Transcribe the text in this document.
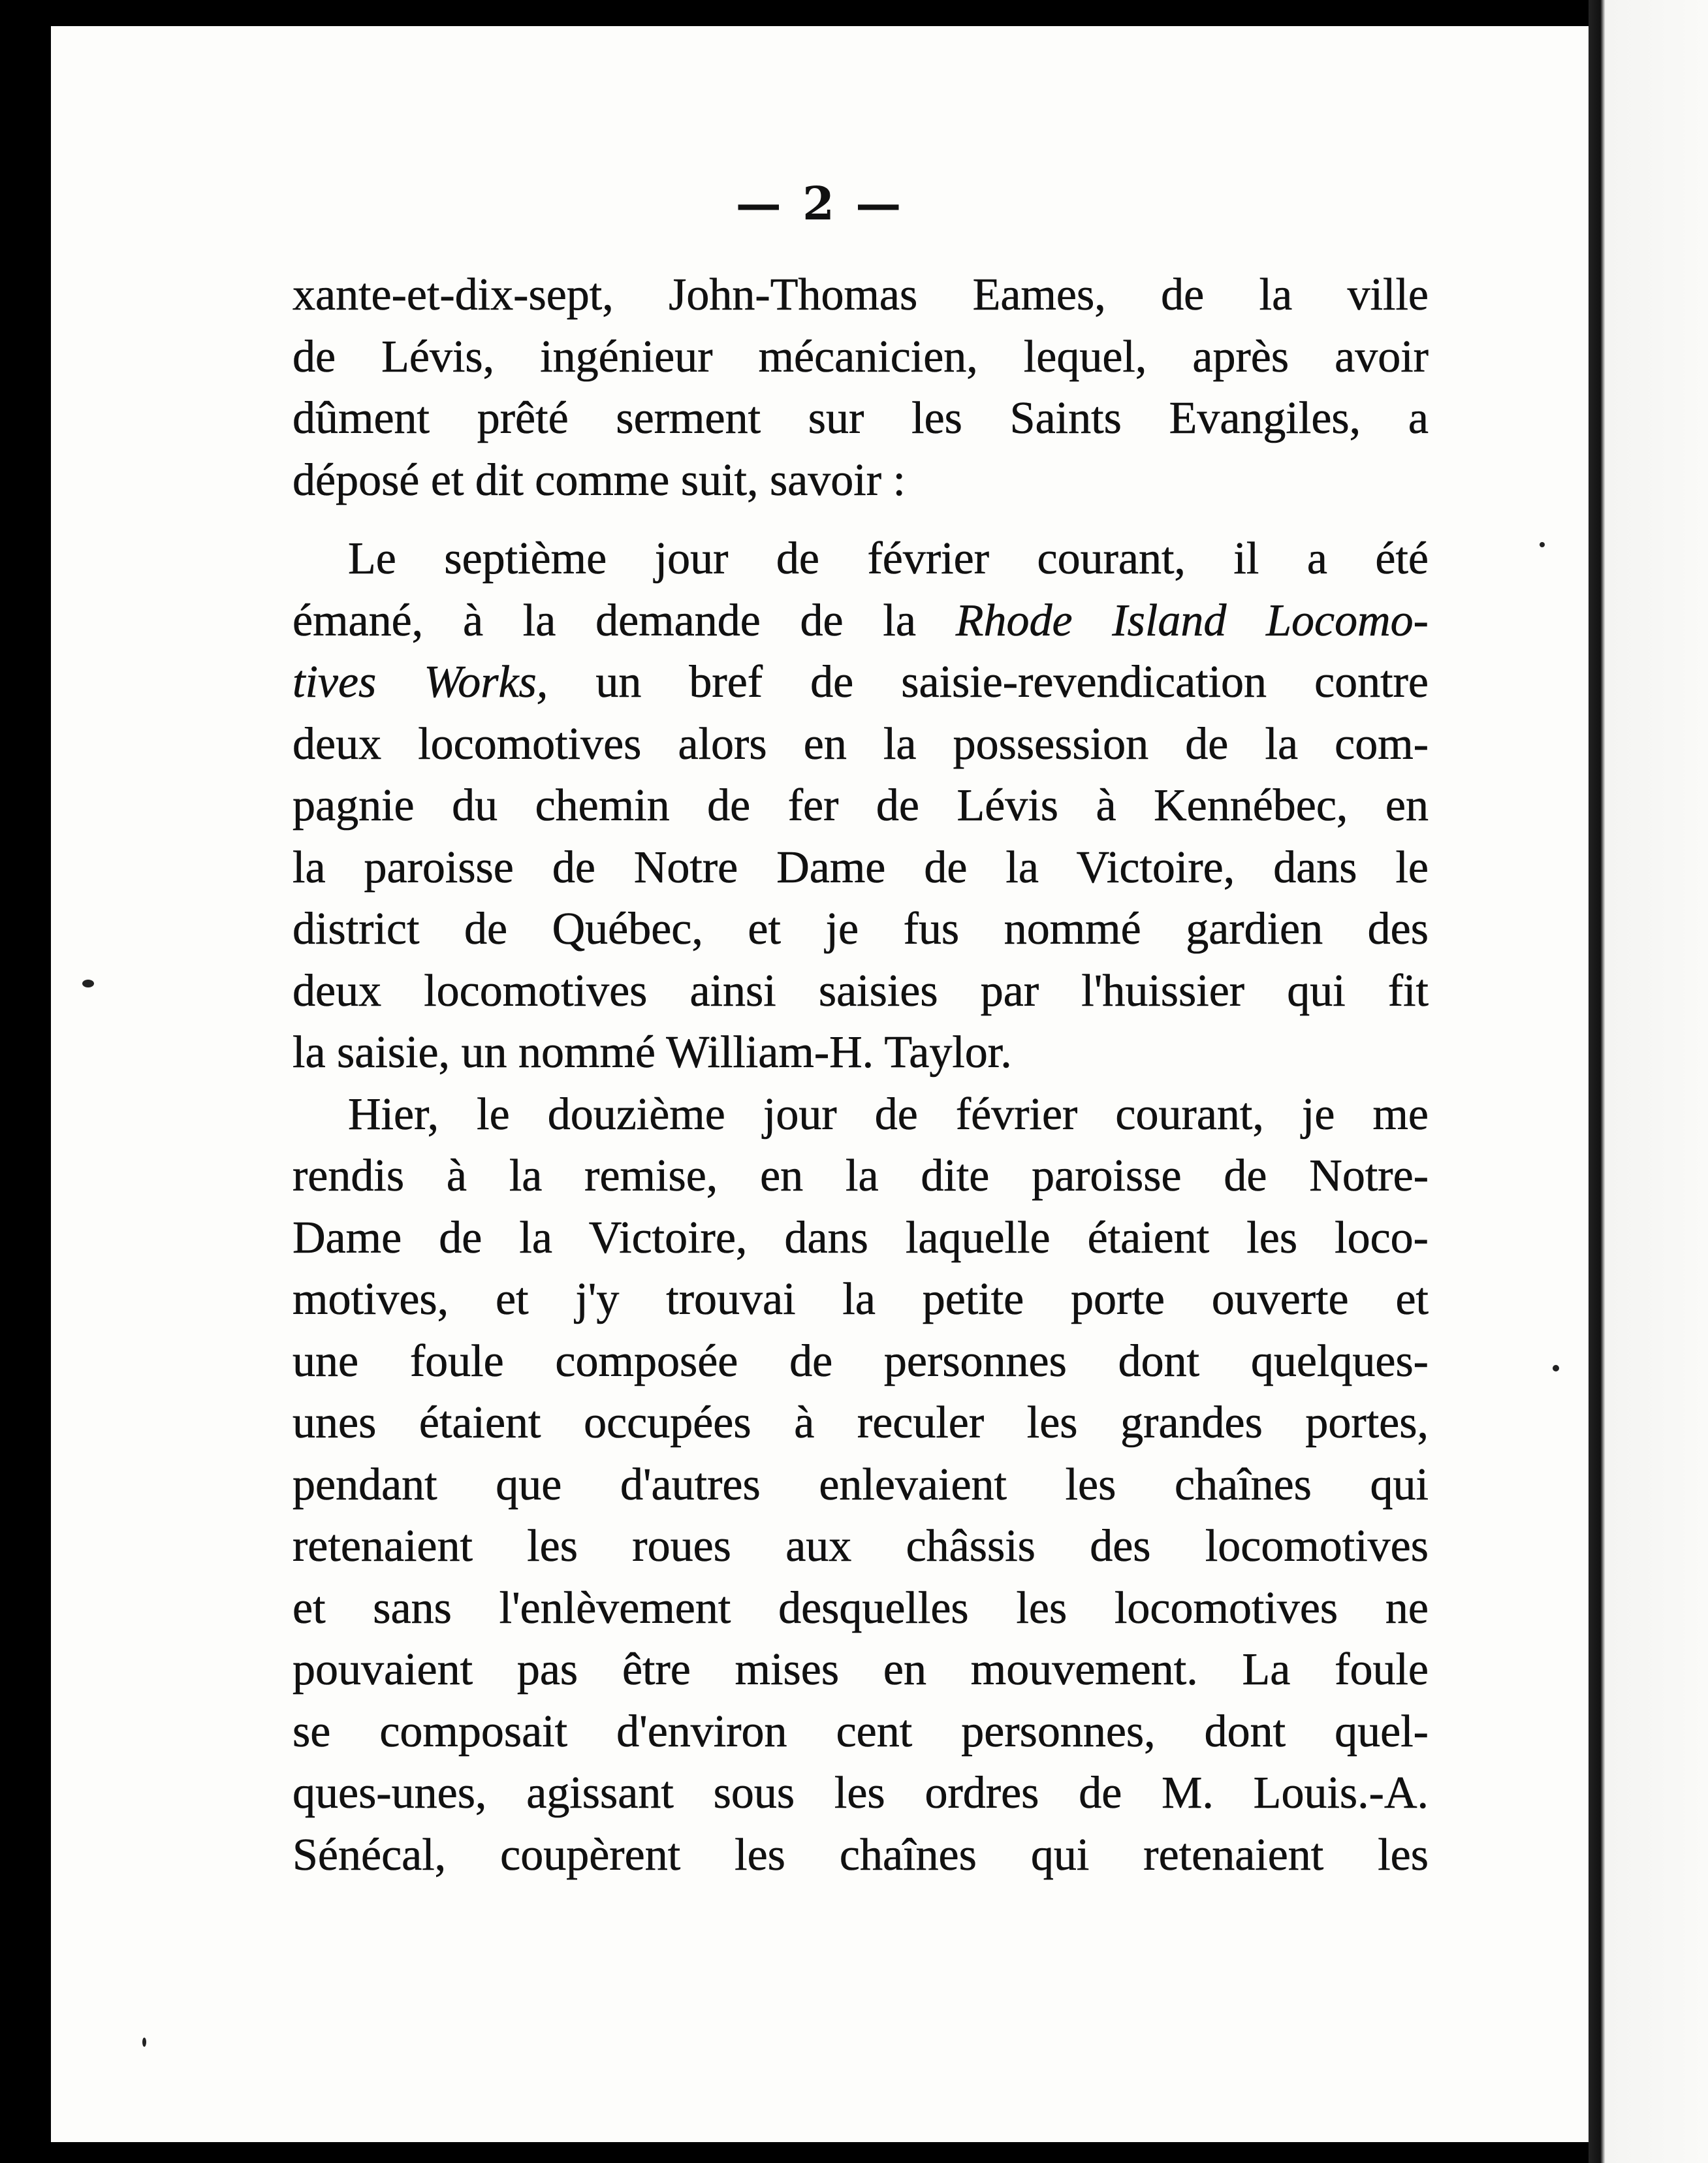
— 2 —
xante-et-dix-sept, John-Thomas Eames, de la ville
de Lévis, ingénieur mécanicien, lequel, après avoir
dûment prêté serment sur les Saints Evangiles, a
déposé et dit comme suit, savoir :
Le septième jour de février courant, il a été
émané, à la demande de la Rhode Island Locomo-
tives Works, un bref de saisie-revendication contre
deux locomotives alors en la possession de la com-
pagnie du chemin de fer de Lévis à Kennébec, en
la paroisse de Notre Dame de la Victoire, dans le
district de Québec, et je fus nommé gardien des
deux locomotives ainsi saisies par l'huissier qui fit
la saisie, un nommé William-H. Taylor.
Hier, le douzième jour de février courant, je me
rendis à la remise, en la dite paroisse de Notre-
Dame de la Victoire, dans laquelle étaient les loco-
motives, et j'y trouvai la petite porte ouverte et
une foule composée de personnes dont quelques-
unes étaient occupées à reculer les grandes portes,
pendant que d'autres enlevaient les chaînes qui
retenaient les roues aux châssis des locomotives
et sans l'enlèvement desquelles les locomotives ne
pouvaient pas être mises en mouvement. La foule
se composait d'environ cent personnes, dont quel-
ques-unes, agissant sous les ordres de M. Louis.-A.
Sénécal, coupèrent les chaînes qui retenaient les
